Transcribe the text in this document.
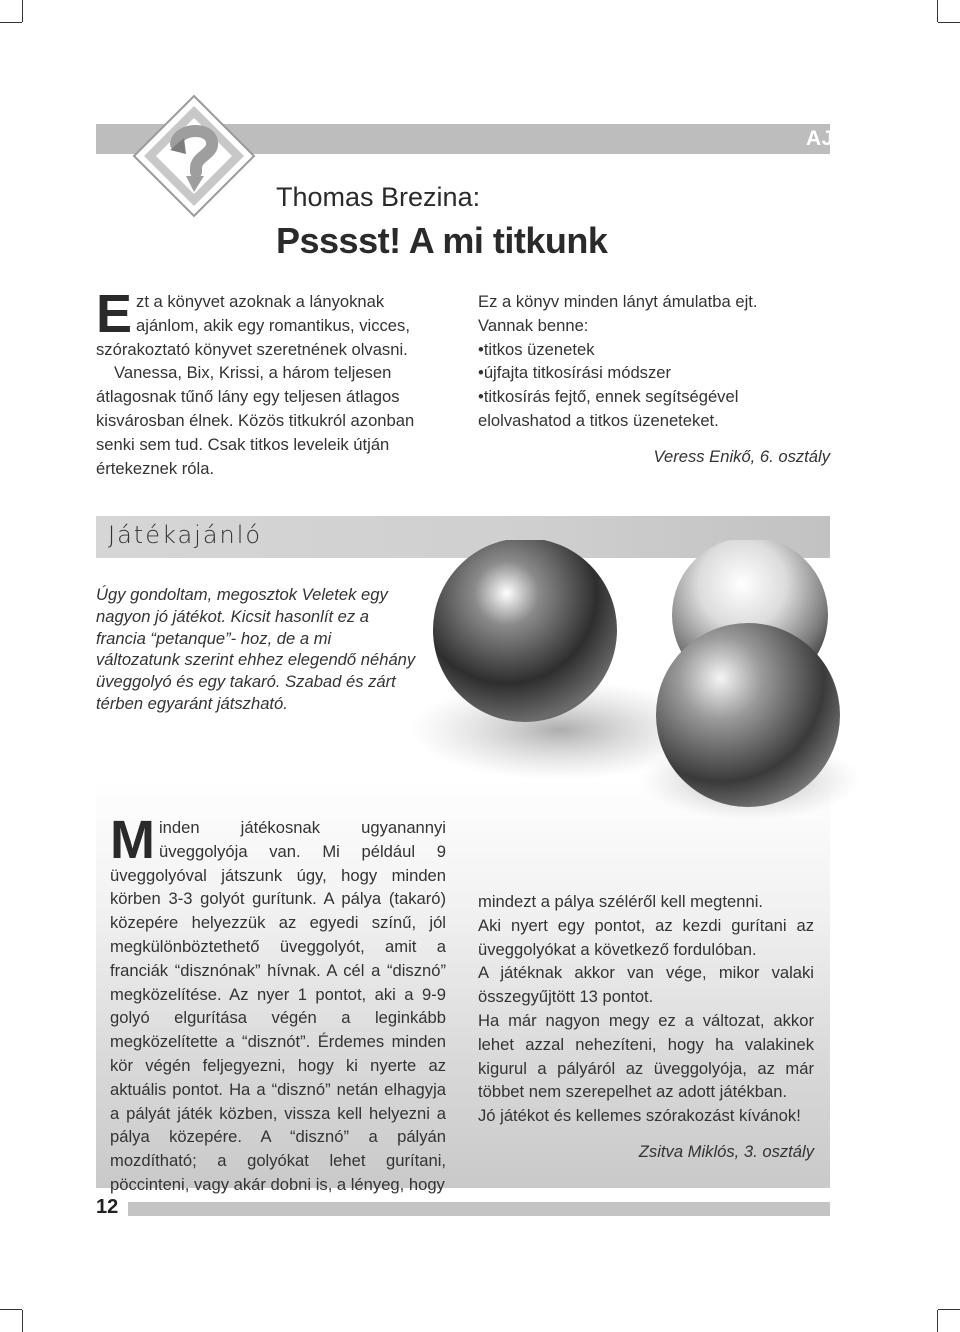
AJÁNLJUK
Thomas Brezina:
Psssst! A mi titkunk

Ezt a könyvet azoknak a lányoknak ajánlom, akik egy romantikus, vicces, szórakoztató könyvet szeretnének olvasni.

Vanessa, Bix, Krissi, a három teljesen átlagosnak tűnő lány egy teljesen átlagos kisvárosban élnek. Közös titkukról azonban senki sem tud. Csak titkos leveleik útján értekeznek róla.

Ez a könyv minden lányt ámulatba ejt.

Vannak benne:

• titkos üzenetek
• újfajta titkosírási módszer
• titkosírás fejtő, ennek segítségével elolvashatod a titkos üzeneteket.
Veress Enikő, 6. osztály
Játékajánló
Úgy gondoltam, megosztok Veletek egy nagyon jó játékot. Kicsit hasonlít ez a francia “petanque”- hoz, de a mi változatunk szerint ehhez elegendő néhány üveggolyó és egy takaró. Szabad és zárt térben egyaránt játszható.

Minden játékosnak ugyanannyi üveggolyója van. Mi például 9 üveggolyóval játszunk úgy, hogy minden körben 3-3 golyót gurítunk. A pálya (takaró) közepére helyezzük az egyedi színű, jól megkülönböztethető üveggolyót, amit a franciák “disznónak” hívnak. A cél a “disznó” megközelítése. Az nyer 1 pontot, aki a 9-9 golyó elgurítása végén a leginkább megközelítette a “disznót”. Érdemes minden kör végén feljegyezni, hogy ki nyerte az aktuális pontot. Ha a “disznó” netán elhagyja a pályát játék közben, vissza kell helyezni a pálya közepére. A “disznó” a pályán mozdítható; a golyókat lehet gurítani, pöccinteni, vagy akár dobni is, a lényeg, hogy

mindezt a pálya széléről kell megtenni.

Aki nyert egy pontot, az kezdi gurítani az üveggolyókat a következő fordulóban.

A játéknak akkor van vége, mikor valaki összegyűjtött 13 pontot.

Ha már nagyon megy ez a változat, akkor lehet azzal nehezíteni, hogy ha valakinek kigurul a pályáról az üveggolyója, az már többet nem szerepelhet az adott játékban.

Jó játékot és kellemes szórakozást kívánok!

Zsitva Miklós, 3. osztály
12
